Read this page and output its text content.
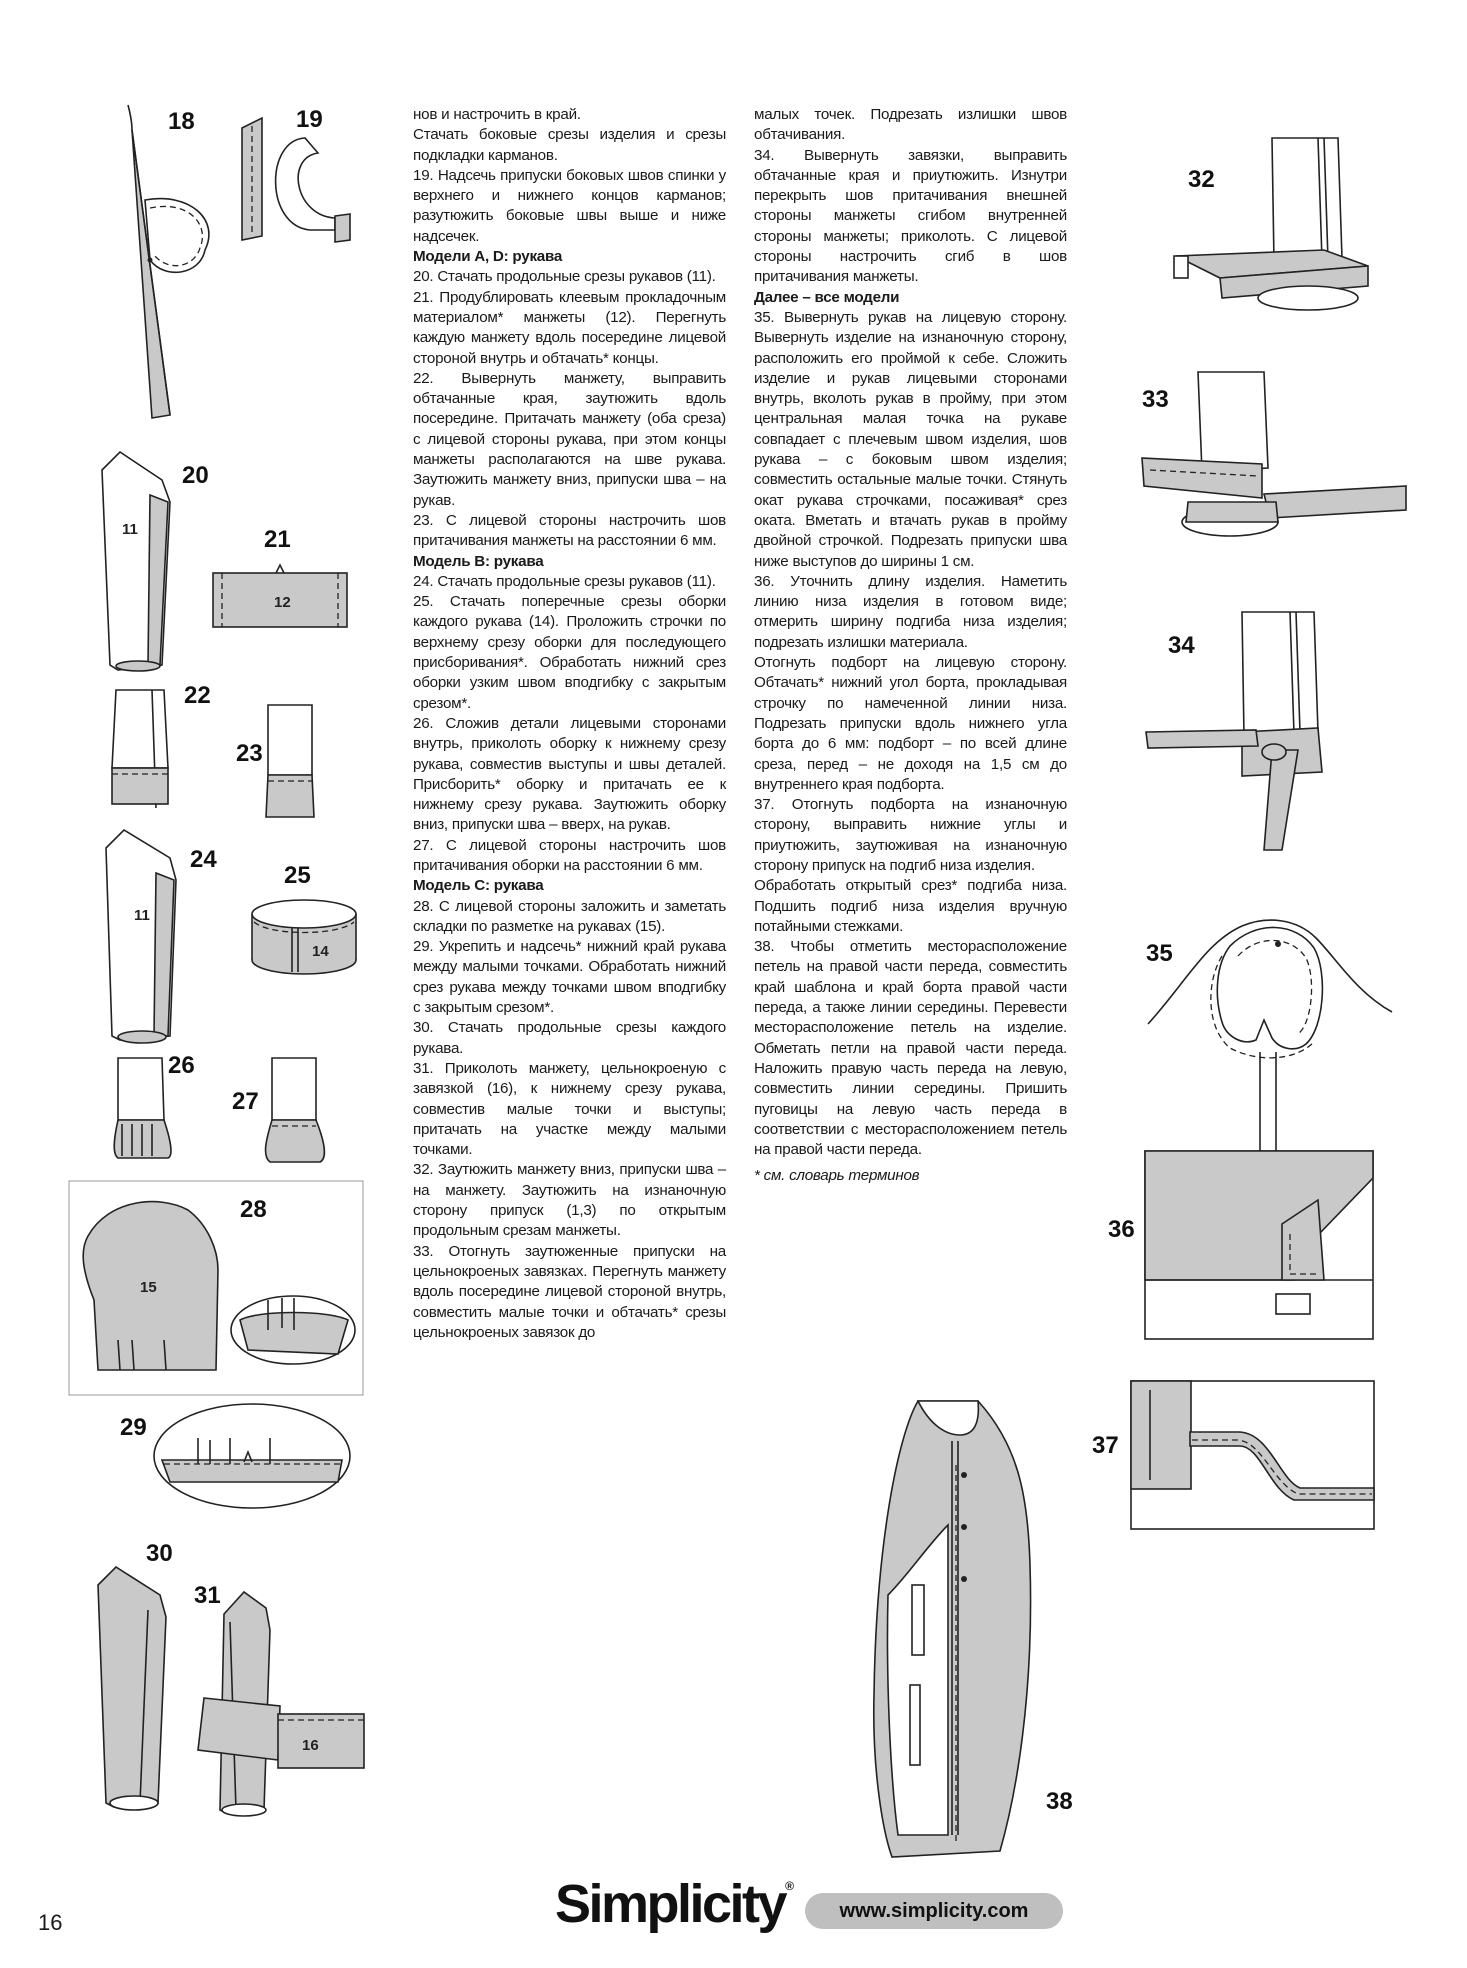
нов и настрочить в край.

Стачать боковые срезы изделия и срезы подкладки карманов.

19. Надсечь припуски боковых швов спинки у верхнего и нижнего концов карманов; разутюжить боковые швы выше и ниже надсечек.

Модели A, D: рукава

20. Стачать продольные срезы рукавов (11).

21. Продублировать клеевым прокладочным материалом* манжеты (12). Перегнуть каждую манжету вдоль посередине лицевой стороной внутрь и обтачать* концы.

22. Вывернуть манжету, выправить обтачанные края, заутюжить вдоль посередине. Притачать манжету (оба среза) с лицевой стороны рукава, при этом концы манжеты располагаются на шве рукава. Заутюжить манжету вниз, припуски шва – на рукав.

23. С лицевой стороны настрочить шов притачивания манжеты на расстоянии 6 мм.

Модель B: рукава

24. Стачать продольные срезы рукавов (11).

25. Стачать поперечные срезы оборки каждого рукава (14). Проложить строчки по верхнему срезу оборки для последующего присборивания*. Обработать нижний срез оборки узким швом вподгибку с закрытым срезом*.

26. Сложив детали лицевыми сторонами внутрь, приколоть оборку к нижнему срезу рукава, совместив выступы и швы деталей. Присборить* оборку и притачать ее к нижнему срезу рукава. Заутюжить оборку вниз, припуски шва – вверх, на рукав.

27. С лицевой стороны настрочить шов притачивания оборки на расстоянии 6 мм.

Модель C: рукава

28. С лицевой стороны заложить и заметать складки по разметке на рукавах (15).

29. Укрепить и надсечь* нижний край рукава между малыми точками. Обработать нижний срез рукава между точками швом вподгибку с закрытым срезом*.

30. Стачать продольные срезы каждого рукава.

31. Приколоть манжету, цельнокроеную с завязкой (16), к нижнему срезу рукава, совместив малые точки и выступы; притачать на участке между малыми точками.

32. Заутюжить манжету вниз, припуски шва – на манжету. Заутюжить на изнаночную сторону припуск (1,3) по открытым продольным срезам манжеты.

33. Отогнуть заутюженные припуски на цельнокроеных завязках. Перегнуть манжету вдоль посередине лицевой стороной внутрь, совместить малые точки и обтачать* срезы цельнокроеных завязок до

малых точек. Подрезать излишки швов обтачивания.

34. Вывернуть завязки, выправить обтачанные края и приутюжить. Изнутри перекрыть шов притачивания внешней стороны манжеты сгибом внутренней стороны манжеты; приколоть. С лицевой стороны настрочить сгиб в шов притачивания манжеты.

Далее – все модели

35. Вывернуть рукав на лицевую сторону. Вывернуть изделие на изнаночную сторону, расположить его проймой к себе. Сложить изделие и рукав лицевыми сторонами внутрь, вколоть рукав в пройму, при этом центральная малая точка на рукаве совпадает с плечевым швом изделия, шов рукава – с боковым швом изделия; совместить остальные малые точки. Стянуть окат рукава строчками, посаживая* срез оката. Вметать и втачать рукав в пройму двойной строчкой. Подрезать припуски шва ниже выступов до ширины 1 см.

36. Уточнить длину изделия. Наметить линию низа изделия в готовом виде; отмерить ширину подгиба низа изделия; подрезать излишки материала.

Отогнуть подборт на лицевую сторону. Обтачать* нижний угол борта, прокладывая строчку по намеченной линии низа. Подрезать припуски вдоль нижнего угла борта до 6 мм: подборт – по всей длине среза, перед – не доходя на 1,5 см до внутреннего края подборта.

37. Отогнуть подборта на изнаночную сторону, выправить нижние углы и приутюжить, заутюживая на изнаночную сторону припуск на подгиб низа изделия.

Обработать открытый срез* подгиба низа. Подшить подгиб низа изделия вручную потайными стежками.

38. Чтобы отметить месторасположение петель на правой части переда, совместить край шаблона и край борта правой части переда, а также линии середины. Перевести месторасположение петель на изделие. Обметать петли на правой части переда. Наложить правую часть переда на левую, совместить линии середины. Пришить пуговицы на левую часть переда в соответствии с месторасположением петель на правой части переда.

* см. словарь терминов

18	19
20
21
22
23
24
25
26
27
28
29
30
31
32
33
34
35
36
37
38
11
12
11
14
15
16
16	Simplicity®
www.simplicity.com
